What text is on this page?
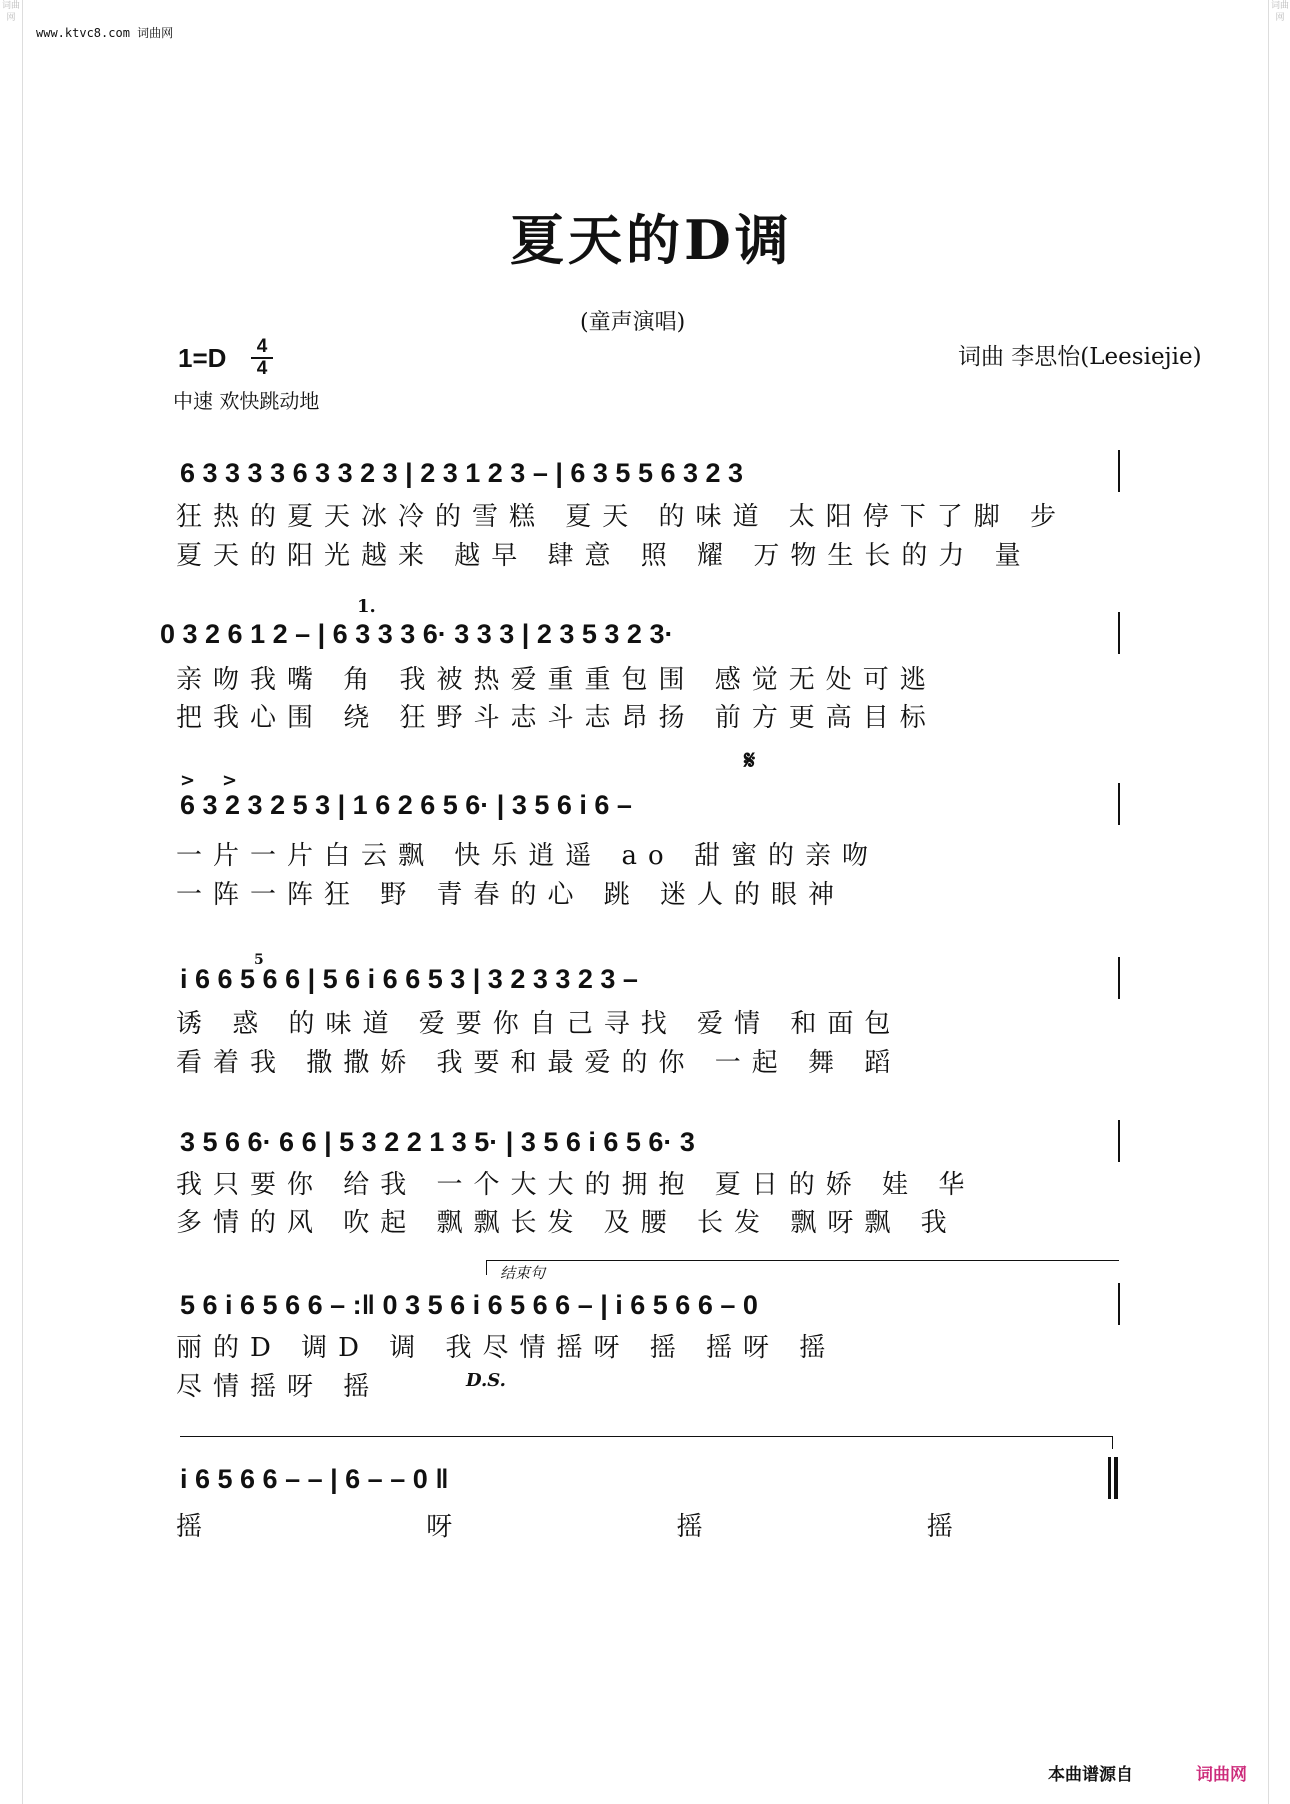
词曲网
词曲网
www.ktvc8.com 词曲网
夏天的D调
(童声演唱)
1=D	4
4
中速 欢快跳动地
词曲 李思怡(Leesiejie)
6 3 3 3 3 6 3 3 2 3 | 2 3 1 2 3 – | 6 3 5 5 6 3 2 3
狂热的夏天冰冷的雪糕 夏天 的味道 太阳停下了脚 步
夏天的阳光越来 越早 肆意 照 耀 万物生长的力 量
1.
0 3 2 6 1 2 – | 6 3 3 3 6· 3 3 3 | 2 3 5 3 2 3·
亲吻我嘴 角 我被热爱重重包围 感觉无处可逃
把我心围 绕 狂野斗志斗志昂扬 前方更高目标
𝄋
> >
6 3 2 3 2 5 3 | 1 6 2 6 5 6· | 3 5 6 i 6 –
一片一片白云飘 快乐逍遥 ao 甜蜜的亲吻
一阵一阵狂 野 青春的心 跳 迷人的眼神
5
i 6 6 5 6 6 | 5 6 i 6 6 5 3 | 3 2 3 3 2 3 –
诱 惑 的味道 爱要你自己寻找 爱情 和面包
看着我 撒撒娇 我要和最爱的你 一起 舞 蹈
3 5 6 6· 6 6 | 5 3 2 2 1 3 5· | 3 5 6 i 6 5 6· 3
我只要你 给我 一个大大的拥抱 夏日的娇 娃 华
多情的风 吹起 飘飘长发 及腰 长发 飘呀飘 我
结束句
5 6 i 6 5 6 6 – :‖ 0 3 5 6 i 6 5 6 6 – | i 6 5 6 6 – 0
丽的D 调D 调 我尽情摇呀 摇 摇呀 摇
尽情摇呀 摇	D.S.
i 6 5 6 6 – – | 6 – – 0 ‖
摇 呀 摇 摇
本曲谱源自	词曲网
